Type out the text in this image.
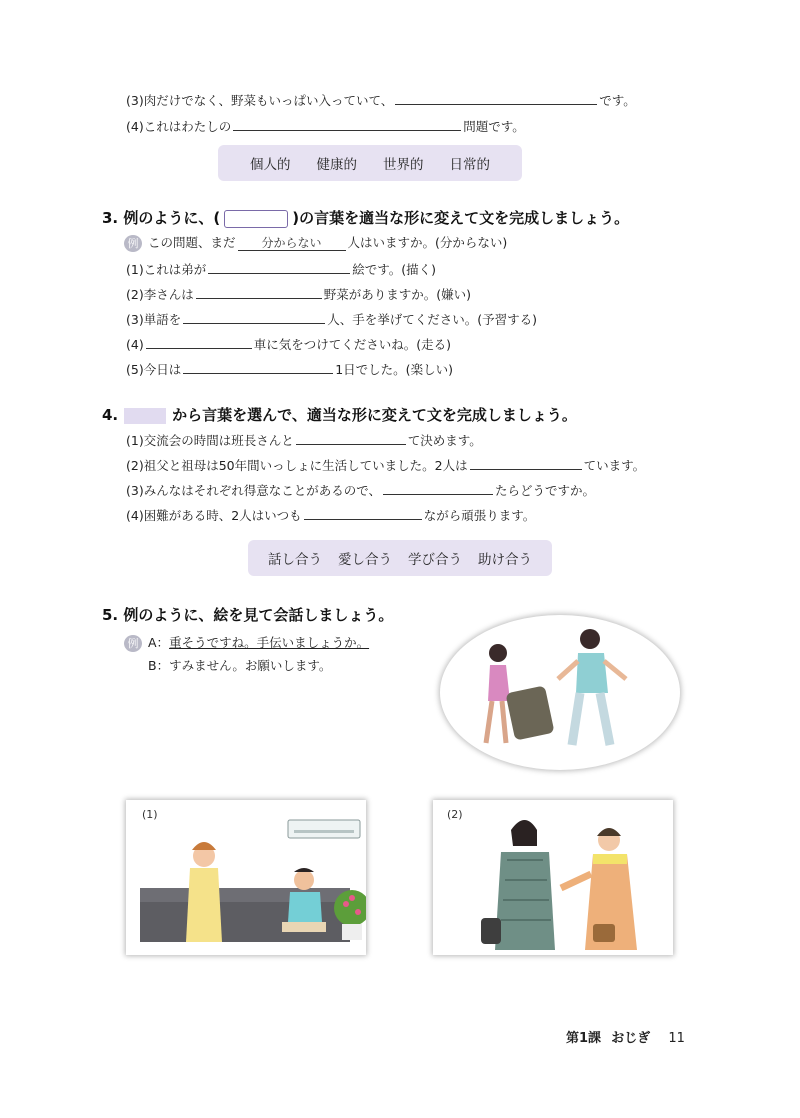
(3)肉だけでなく、野菜もいっぱい入っていて、	です。
(4)これはわたしの	問題です。
個人的 健康的 世界的 日常的
3. 例のように、(	)の言葉を適当な形に変えて文を完成しましょう。
例 この問題、まだ 分からない 人はいますか。(分からない)
(1)これは弟が	絵です。(描く)
(2)李さんは	野菜がありますか。(嫌い)
(3)単語を	人、手を挙げてください。(予習する)
(4)	車に気をつけてくださいね。(走る)
(5)今日は	1日でした。(楽しい)
4.	から言葉を選んで、適当な形に変えて文を完成しましょう。
(1)交流会の時間は班長さんと	て決めます。
(2)祖父と祖母は50年間いっしょに生活していました。2人は	ています。
(3)みんなはそれぞれ得意なことがあるので、	たらどうですか。
(4)困難がある時、2人はいつも	ながら頑張ります。
話し合う 愛し合う 学び合う 助け合う
5. 例のように、絵を見て会話しましょう。
例 A：重そうですね。手伝いましょうか。
B：すみません。お願いします。
(1)	(2)
第1課 おじぎ 11
